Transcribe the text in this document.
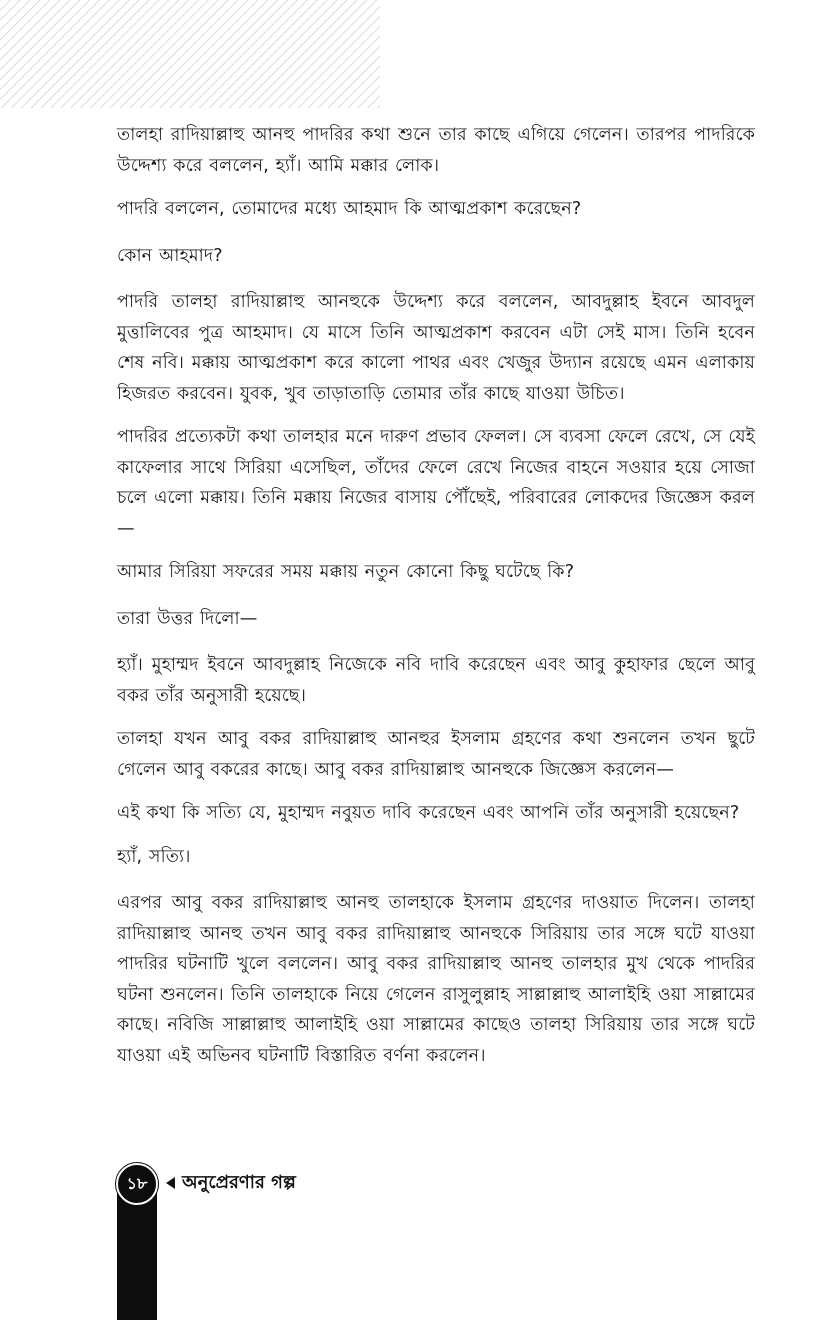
তালহা রাদিয়াল্লাহু আনহু পাদরির কথা শুনে তার কাছে এগিয়ে গেলেন। তারপর পাদরিকে উদ্দেশ্য করে বললেন, হ্যাঁ। আমি মক্কার লোক।

পাদরি বললেন, তোমাদের মধ্যে আহমাদ কি আত্মপ্রকাশ করেছেন?

কোন আহমাদ?

পাদরি তালহা রাদিয়াল্লাহু আনহুকে উদ্দেশ্য করে বললেন, আবদুল্লাহ ইবনে আবদুল মুত্তালিবের পুত্র আহমাদ। যে মাসে তিনি আত্মপ্রকাশ করবেন এটা সেই মাস। তিনি হবেন শেষ নবি। মক্কায় আত্মপ্রকাশ করে কালো পাথর এবং খেজুর উদ্যান রয়েছে এমন এলাকায় হিজরত করবেন। যুবক, খুব তাড়াতাড়ি তোমার তাঁর কাছে যাওয়া উচিত।

পাদরির প্রত্যেকটা কথা তালহার মনে দারুণ প্রভাব ফেলল। সে ব্যবসা ফেলে রেখে, সে যেই কাফেলার সাথে সিরিয়া এসেছিল, তাঁদের ফেলে রেখে নিজের বাহনে সওয়ার হয়ে সোজা চলে এলো মক্কায়। তিনি মক্কায় নিজের বাসায় পৌঁছেই, পরিবারের লোকদের জিজ্ঞেস করল—

আমার সিরিয়া সফরের সময় মক্কায় নতুন কোনো কিছু ঘটেছে কি?

তারা উত্তর দিলো—

হ্যাঁ। মুহাম্মদ ইবনে আবদুল্লাহ নিজেকে নবি দাবি করেছেন এবং আবু কুহাফার ছেলে আবু বকর তাঁর অনুসারী হয়েছে।

তালহা যখন আবু বকর রাদিয়াল্লাহু আনহুর ইসলাম গ্রহণের কথা শুনলেন তখন ছুটে গেলেন আবু বকরের কাছে। আবু বকর রাদিয়াল্লাহু আনহুকে জিজ্ঞেস করলেন—

এই কথা কি সত্যি যে, মুহাম্মদ নবুয়ত দাবি করেছেন এবং আপনি তাঁর অনুসারী হয়েছেন?

হ্যাঁ, সত্যি।

এরপর আবু বকর রাদিয়াল্লাহু আনহু তালহাকে ইসলাম গ্রহণের দাওয়াত দিলেন। তালহা রাদিয়াল্লাহু আনহু তখন আবু বকর রাদিয়াল্লাহু আনহুকে সিরিয়ায় তার সঙ্গে ঘটে যাওয়া পাদরির ঘটনাটি খুলে বললেন। আবু বকর রাদিয়াল্লাহু আনহু তালহার মুখ থেকে পাদরির ঘটনা শুনলেন। তিনি তালহাকে নিয়ে গেলেন রাসুলুল্লাহ সাল্লাল্লাহু আলাইহি ওয়া সাল্লামের কাছে। নবিজি সাল্লাল্লাহু আলাইহি ওয়া সাল্লামের কাছেও তালহা সিরিয়ায় তার সঙ্গে ঘটে যাওয়া এই অভিনব ঘটনাটি বিস্তারিত বর্ণনা করলেন।

১৮ অনুপ্রেরণার গল্প
